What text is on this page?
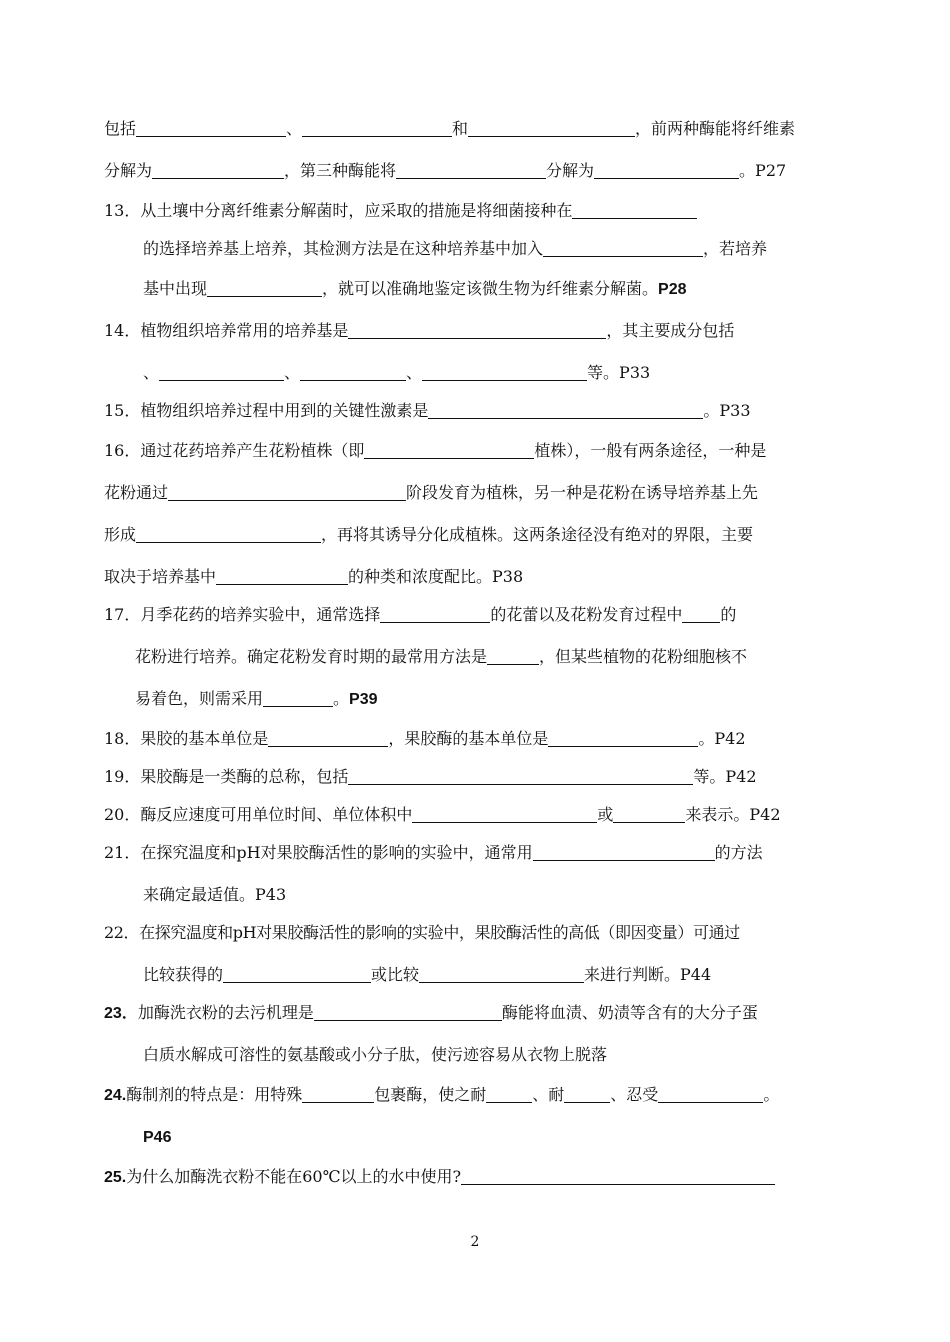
包括	、	和	，前两种酶能将纤维素
分解为	，第三种酶能将	分解为	。P27
13．从土壤中分离纤维素分解菌时，应采取的措施是将细菌接种在
的选择培养基上培养，其检测方法是在这种培养基中加入	，若培养
基中出现	，就可以准确地鉴定该微生物为纤维素分解菌。P28
14．植物组织培养常用的培养基是	，其主要成分包括
、	、	、	等。P33
15．植物组织培养过程中用到的关键性激素是	。P33
16．通过花药培养产生花粉植株（即	植株），一般有两条途径，一种是
花粉通过	阶段发育为植株，另一种是花粉在诱导培养基上先
形成	，再将其诱导分化成植株。这两条途径没有绝对的界限，主要
取决于培养基中	的种类和浓度配比。P38
17．月季花药的培养实验中，通常选择	的花蕾以及花粉发育过程中 的
花粉进行培养。确定花粉发育时期的最常用方法是	，但某些植物的花粉细胞核不
易着色，则需采用	。P39
18．果胶的基本单位是	，果胶酶的基本单位是	。P42
19．果胶酶是一类酶的总称，包括	等。P42
20．酶反应速度可用单位时间、单位体积中	或	来表示。P42
21．在探究温度和pH对果胶酶活性的影响的实验中，通常用	的方法
来确定最适值。P43
22．在探究温度和pH对果胶酶活性的影响的实验中，果胶酶活性的高低（即因变量）可通过
比较获得的	或比较	来进行判断。P44
23．加酶洗衣粉的去污机理是	酶能将血渍、奶渍等含有的大分子蛋
白质水解成可溶性的氨基酸或小分子肽，使污迹容易从衣物上脱落
24.酶制剂的特点是：用特殊	包裹酶，使之耐	、耐	、忍受	。
P46
25.为什么加酶洗衣粉不能在60℃以上的水中使用?
2
